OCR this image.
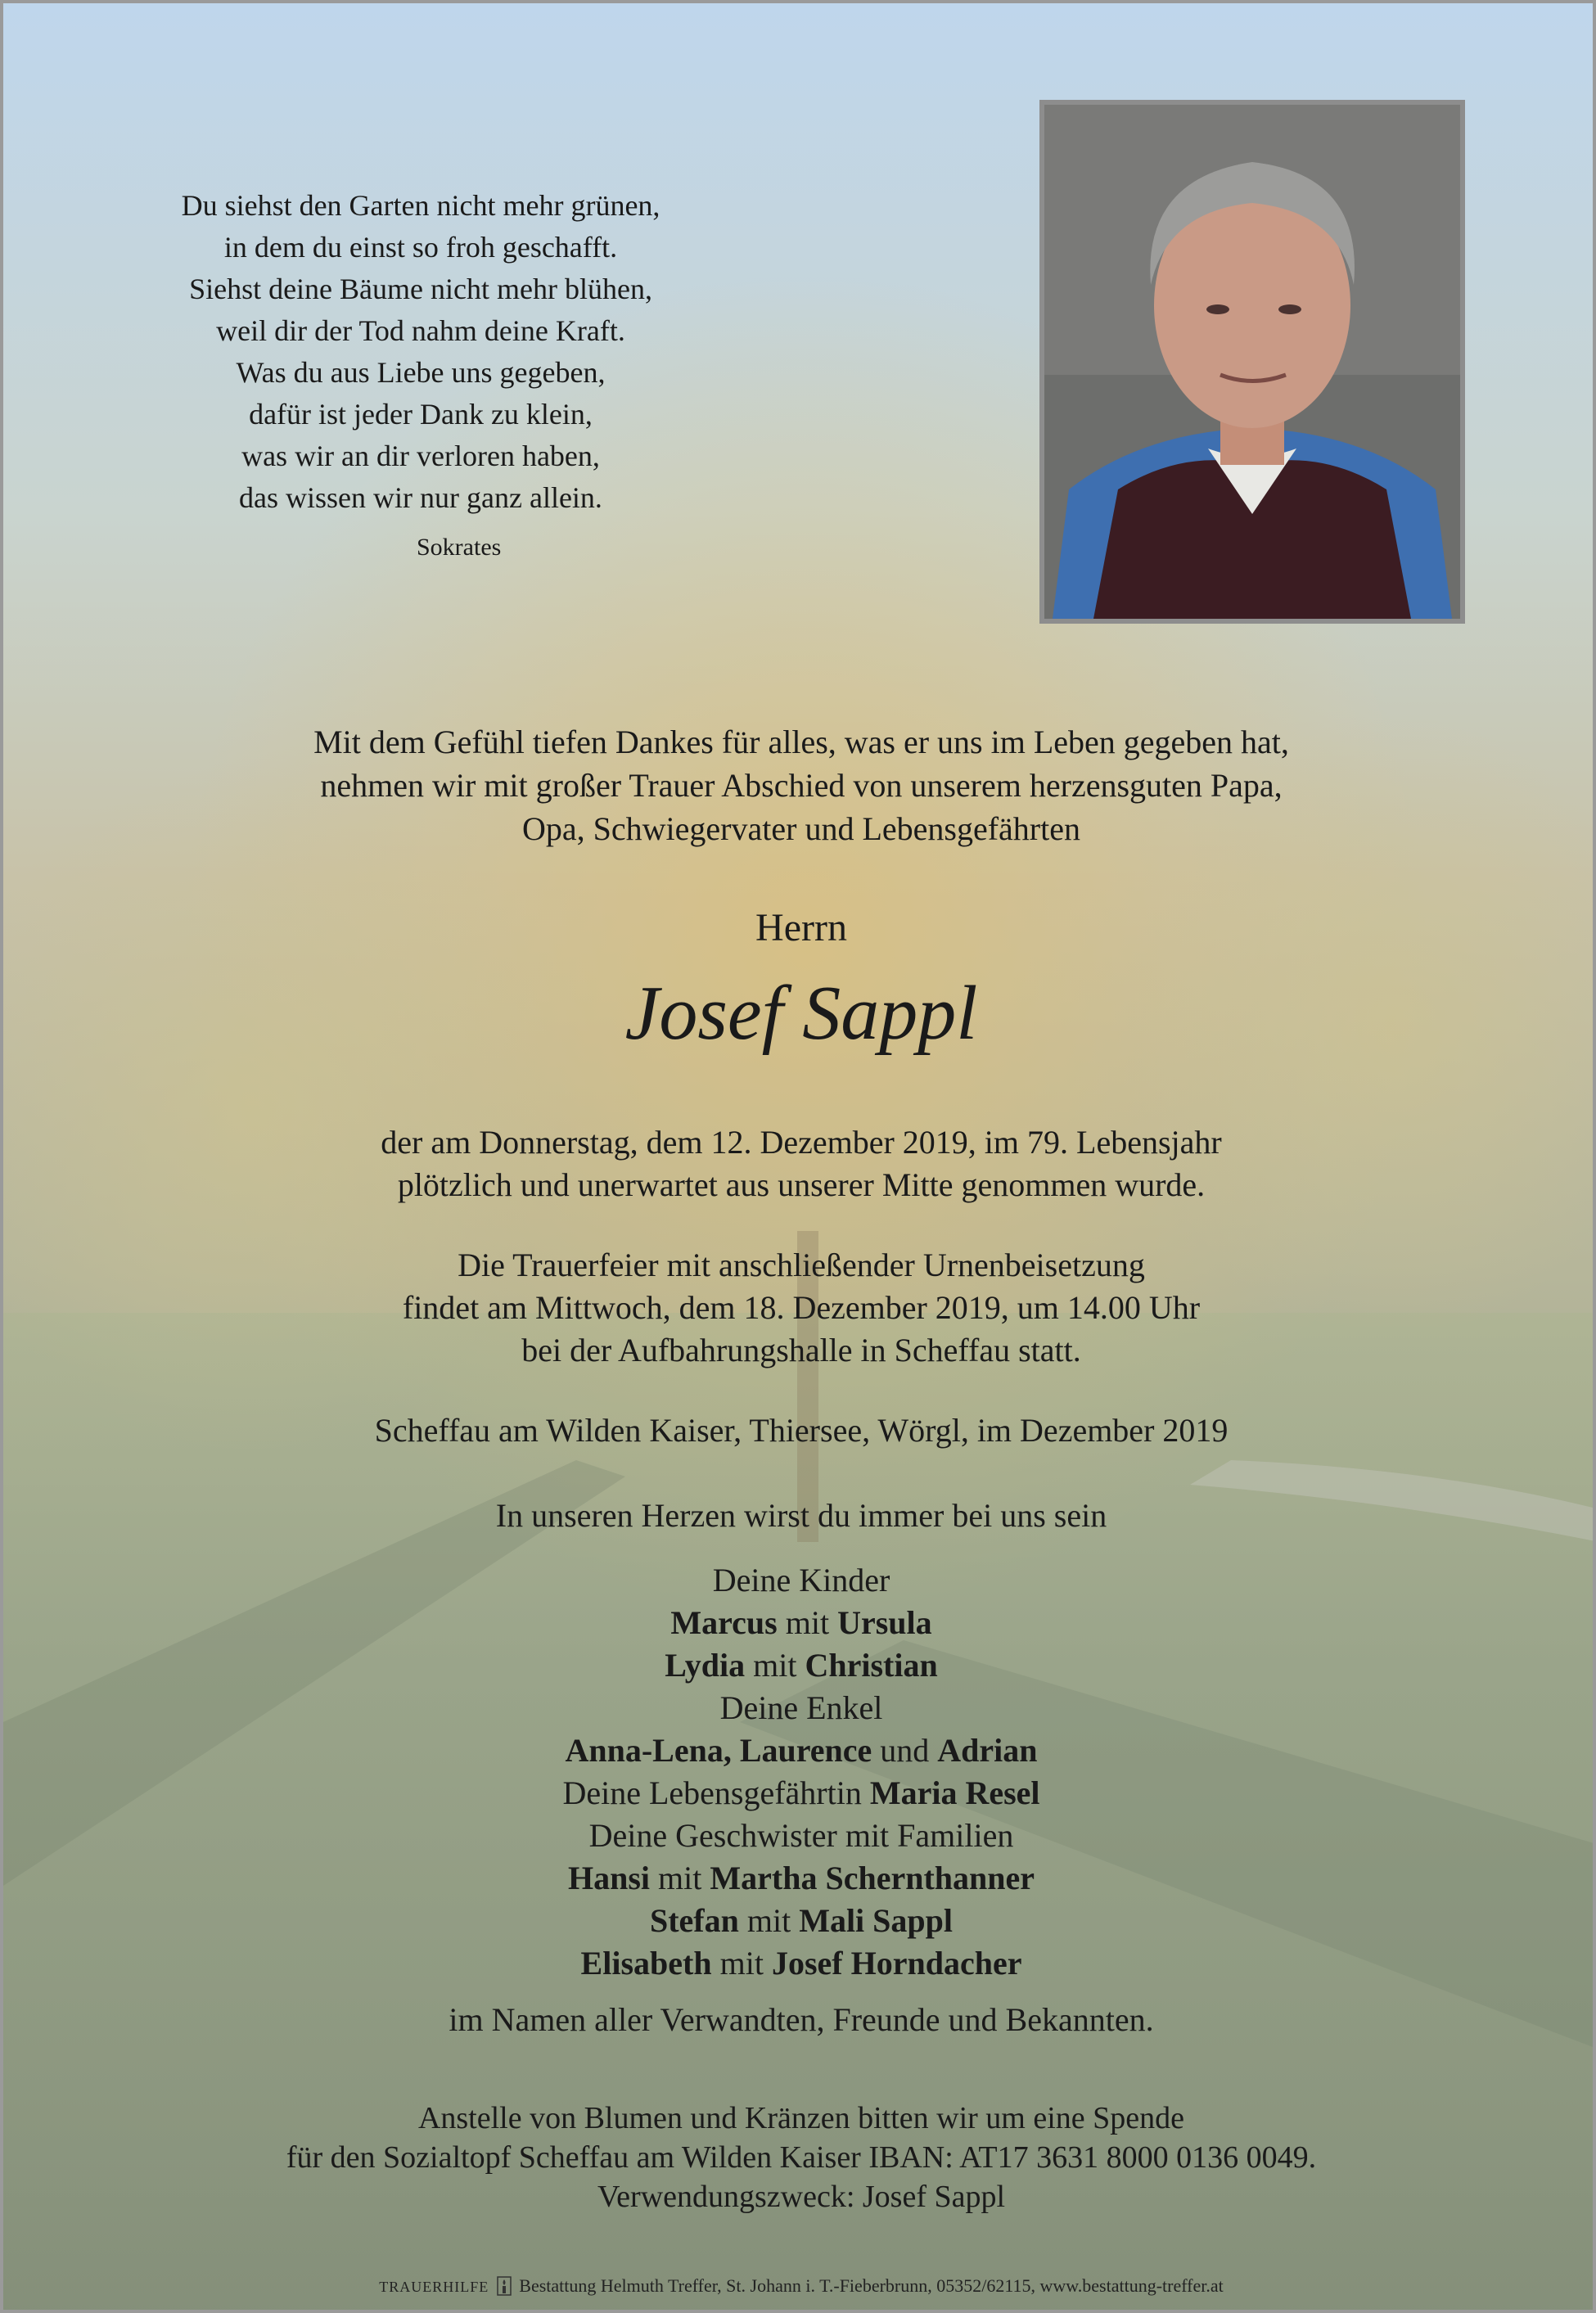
Du siehst den Garten nicht mehr grünen,
in dem du einst so froh geschafft.
Siehst deine Bäume nicht mehr blühen,
weil dir der Tod nahm deine Kraft.
Was du aus Liebe uns gegeben,
dafür ist jeder Dank zu klein,
was wir an dir verloren haben,
das wissen wir nur ganz allein.
Sokrates
Mit dem Gefühl tiefen Dankes für alles, was er uns im Leben gegeben hat,
nehmen wir mit großer Trauer Abschied von unserem herzensguten Papa,
Opa, Schwiegervater und Lebensgefährten
Herrn
Josef Sappl
der am Donnerstag, dem 12. Dezember 2019, im 79. Lebensjahr
plötzlich und unerwartet aus unserer Mitte genommen wurde.
Die Trauerfeier mit anschließender Urnenbeisetzung
findet am Mittwoch, dem 18. Dezember 2019, um 14.00 Uhr
bei der Aufbahrungshalle in Scheffau statt.
Scheffau am Wilden Kaiser, Thiersee, Wörgl, im Dezember 2019
In unseren Herzen wirst du immer bei uns sein
Deine Kinder
Marcus mit Ursula
Lydia mit Christian
Deine Enkel
Anna-Lena, Laurence und Adrian
Deine Lebensgefährtin Maria Resel
Deine Geschwister mit Familien
Hansi mit Martha Schernthanner
Stefan mit Mali Sappl
Elisabeth mit Josef Horndacher
im Namen aller Verwandten, Freunde und Bekannten.
Anstelle von Blumen und Kränzen bitten wir um eine Spende
für den Sozialtopf Scheffau am Wilden Kaiser IBAN: AT17 3631 8000 0136 0049.
Verwendungszweck: Josef Sappl
TRAUERHILFE Bestattung Helmuth Treffer, St. Johann i. T.-Fieberbrunn, 05352/62115, www.bestattung-treffer.at
